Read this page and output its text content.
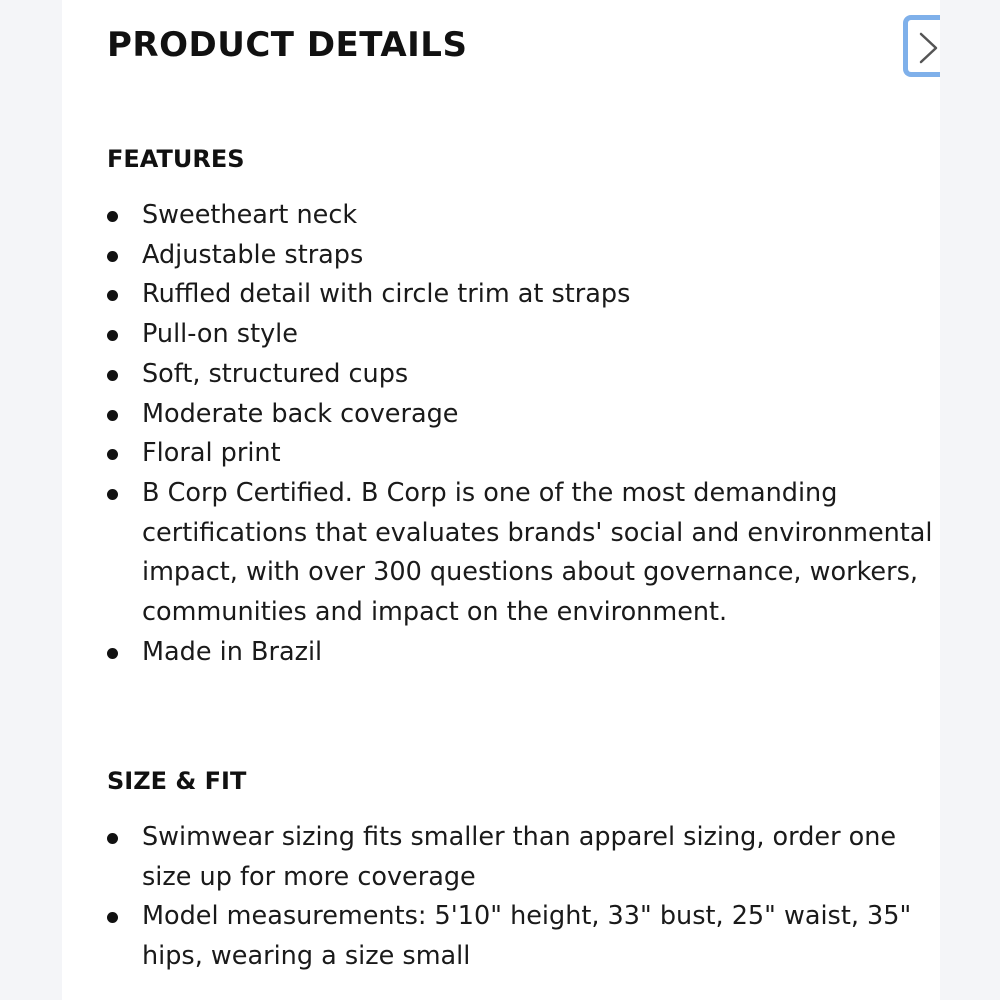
PRODUCT DETAILS
FEATURES
Sweetheart neck
Adjustable straps
Ruffled detail with circle trim at straps
Pull-on style
Soft, structured cups
Moderate back coverage
Floral print
B Corp Certified. B Corp is one of the most demanding certifications that evaluates brands' social and environmental impact, with over 300 questions about governance, workers, communities and impact on the environment.
Made in Brazil
SIZE & FIT
Swimwear sizing fits smaller than apparel sizing, order one size up for more coverage
Model measurements: 5'10" height, 33" bust, 25" waist, 35" hips, wearing a size small
